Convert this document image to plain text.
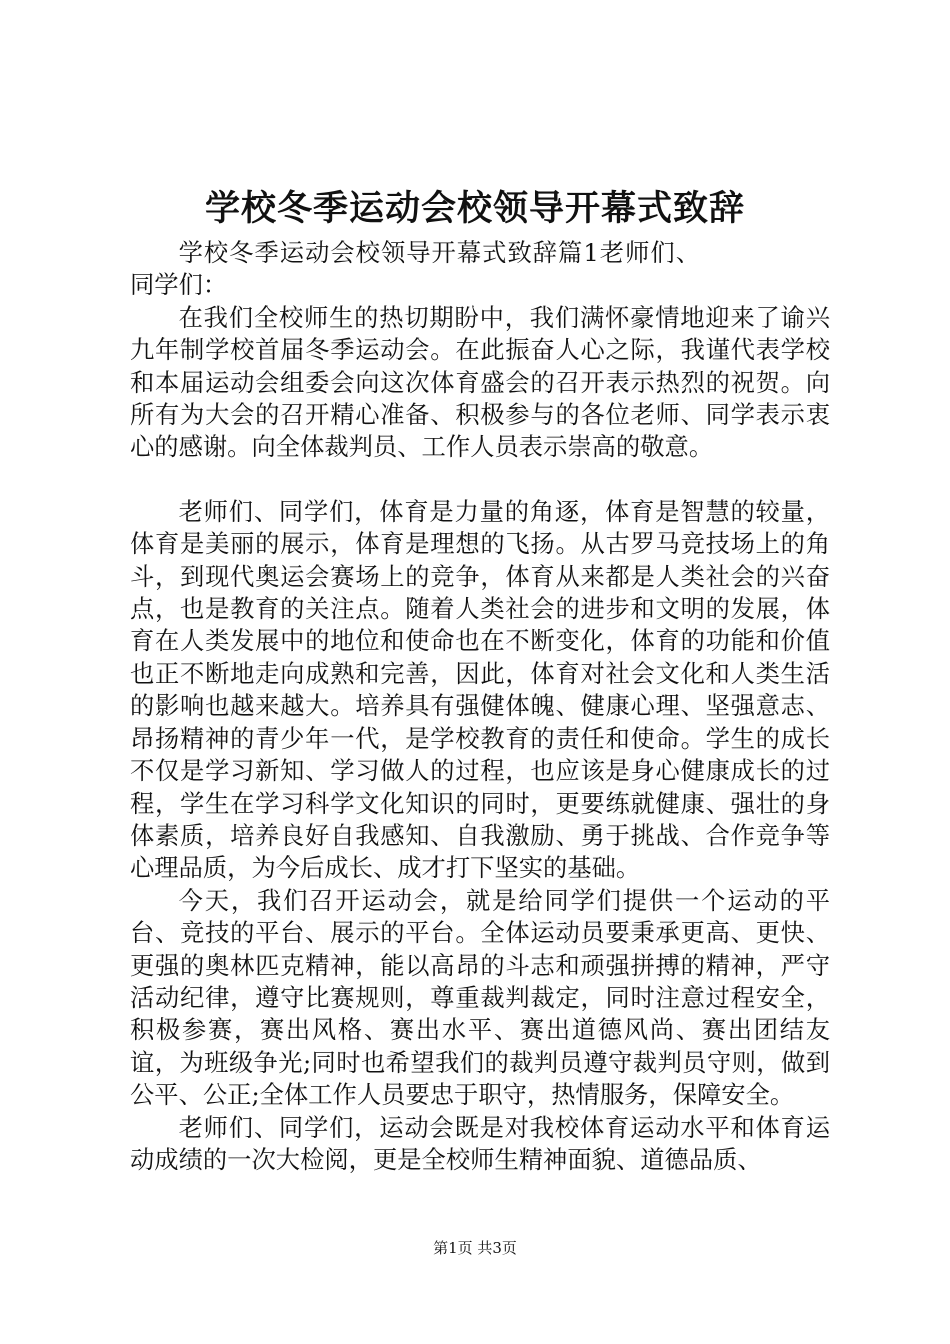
学校冬季运动会校领导开幕式致辞

学校冬季运动会校领导开幕式致辞篇1老师们、同学们：

在我们全校师生的热切期盼中，我们满怀豪情地迎来了谕兴九年制学校首届冬季运动会。在此振奋人心之际，我谨代表学校和本届运动会组委会向这次体育盛会的召开表示热烈的祝贺。向所有为大会的召开精心准备、积极参与的各位老师、同学表示衷心的感谢。向全体裁判员、工作人员表示崇高的敬意。

老师们、同学们，体育是力量的角逐，体育是智慧的较量，体育是美丽的展示，体育是理想的飞扬。从古罗马竞技场上的角斗，到现代奥运会赛场上的竞争，体育从来都是人类社会的兴奋点，也是教育的关注点。随着人类社会的进步和文明的发展，体育在人类发展中的地位和使命也在不断变化，体育的功能和价值也正不断地走向成熟和完善，因此，体育对社会文化和人类生活的影响也越来越大。培养具有强健体魄、健康心理、坚强意志、昂扬精神的青少年一代，是学校教育的责任和使命。学生的成长不仅是学习新知、学习做人的过程，也应该是身心健康成长的过程，学生在学习科学文化知识的同时，更要练就健康、强壮的身体素质，培养良好自我感知、自我激励、勇于挑战、合作竞争等心理品质，为今后成长、成才打下坚实的基础。

今天，我们召开运动会，就是给同学们提供一个运动的平台、竞技的平台、展示的平台。全体运动员要秉承更高、更快、更强的奥林匹克精神，能以高昂的斗志和顽强拼搏的精神，严守活动纪律，遵守比赛规则，尊重裁判裁定，同时注意过程安全，积极参赛，赛出风格、赛出水平、赛出道德风尚、赛出团结友谊，为班级争光;同时也希望我们的裁判员遵守裁判员守则，做到公平、公正;全体工作人员要忠于职守，热情服务，保障安全。

老师们、同学们，运动会既是对我校体育运动水平和体育运动成绩的一次大检阅，更是全校师生精神面貌、道德品质、

第1页 共3页
